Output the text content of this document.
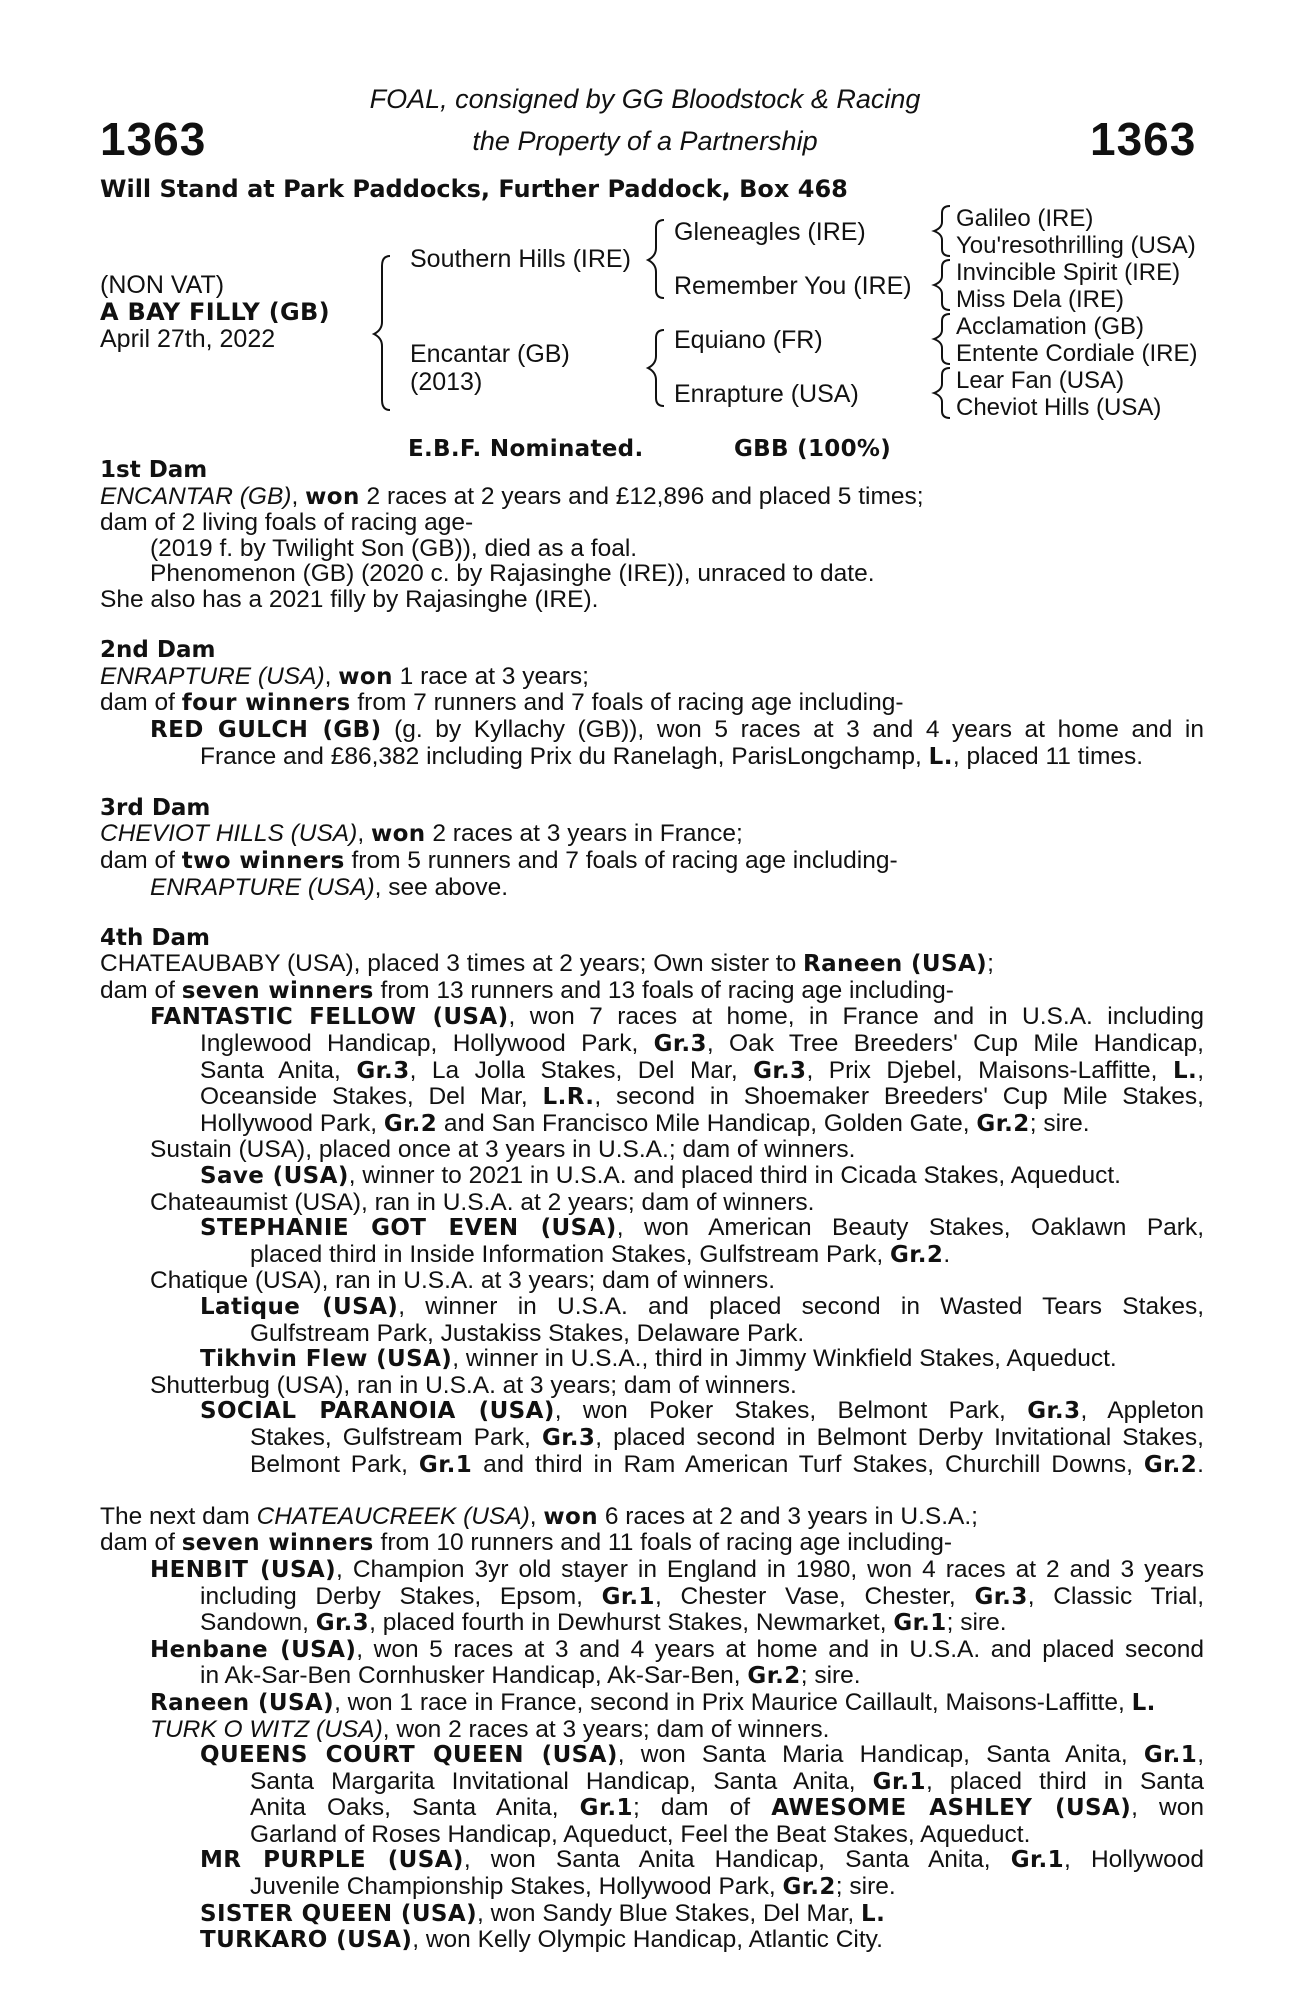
1363	1363
FOAL, consigned by GG Bloodstock & Racing
the Property of a Partnership
Will Stand at Park Paddocks, Further Paddock, Box 468
(NON VAT)
A BAY FILLY (GB)
April 27th, 2022
Southern Hills (IRE)
Encantar (GB)
(2013)
Gleneagles (IRE)
Remember You (IRE)
Equiano (FR)
Enrapture (USA)
Galileo (IRE)
You'resothrilling (USA)
Invincible Spirit (IRE)
Miss Dela (IRE)
Acclamation (GB)
Entente Cordiale (IRE)
Lear Fan (USA)
Cheviot Hills (USA)
E.B.F. Nominated.	GBB (100%)
1st Dam
ENCANTAR (GB), won 2 races at 2 years and £12,896 and placed 5 times;
dam of 2 living foals of racing age-
(2019 f. by Twilight Son (GB)), died as a foal.
Phenomenon (GB) (2020 c. by Rajasinghe (IRE)), unraced to date.
She also has a 2021 filly by Rajasinghe (IRE).
2nd Dam
ENRAPTURE (USA), won 1 race at 3 years;
dam of four winners from 7 runners and 7 foals of racing age including-
RED GULCH (GB) (g. by Kyllachy (GB)), won 5 races at 3 and 4 years at home and in
France and £86,382 including Prix du Ranelagh, ParisLongchamp, L., placed 11 times.
3rd Dam
CHEVIOT HILLS (USA), won 2 races at 3 years in France;
dam of two winners from 5 runners and 7 foals of racing age including-
ENRAPTURE (USA), see above.
4th Dam
CHATEAUBABY (USA), placed 3 times at 2 years; Own sister to Raneen (USA);
dam of seven winners from 13 runners and 13 foals of racing age including-
FANTASTIC FELLOW (USA), won 7 races at home, in France and in U.S.A. including
Inglewood Handicap, Hollywood Park, Gr.3, Oak Tree Breeders' Cup Mile Handicap,
Santa Anita, Gr.3, La Jolla Stakes, Del Mar, Gr.3, Prix Djebel, Maisons-Laffitte, L.,
Oceanside Stakes, Del Mar, L.R., second in Shoemaker Breeders' Cup Mile Stakes,
Hollywood Park, Gr.2 and San Francisco Mile Handicap, Golden Gate, Gr.2; sire.
Sustain (USA), placed once at 3 years in U.S.A.; dam of winners.
Save (USA), winner to 2021 in U.S.A. and placed third in Cicada Stakes, Aqueduct.
Chateaumist (USA), ran in U.S.A. at 2 years; dam of winners.
STEPHANIE GOT EVEN (USA), won American Beauty Stakes, Oaklawn Park,
placed third in Inside Information Stakes, Gulfstream Park, Gr.2.
Chatique (USA), ran in U.S.A. at 3 years; dam of winners.
Latique (USA), winner in U.S.A. and placed second in Wasted Tears Stakes,
Gulfstream Park, Justakiss Stakes, Delaware Park.
Tikhvin Flew (USA), winner in U.S.A., third in Jimmy Winkfield Stakes, Aqueduct.
Shutterbug (USA), ran in U.S.A. at 3 years; dam of winners.
SOCIAL PARANOIA (USA), won Poker Stakes, Belmont Park, Gr.3, Appleton
Stakes, Gulfstream Park, Gr.3, placed second in Belmont Derby Invitational Stakes,
Belmont Park, Gr.1 and third in Ram American Turf Stakes, Churchill Downs, Gr.2.
The next dam CHATEAUCREEK (USA), won 6 races at 2 and 3 years in U.S.A.;
dam of seven winners from 10 runners and 11 foals of racing age including-
HENBIT (USA), Champion 3yr old stayer in England in 1980, won 4 races at 2 and 3 years
including Derby Stakes, Epsom, Gr.1, Chester Vase, Chester, Gr.3, Classic Trial,
Sandown, Gr.3, placed fourth in Dewhurst Stakes, Newmarket, Gr.1; sire.
Henbane (USA), won 5 races at 3 and 4 years at home and in U.S.A. and placed second
in Ak-Sar-Ben Cornhusker Handicap, Ak-Sar-Ben, Gr.2; sire.
Raneen (USA), won 1 race in France, second in Prix Maurice Caillault, Maisons-Laffitte, L.
TURK O WITZ (USA), won 2 races at 3 years; dam of winners.
QUEENS COURT QUEEN (USA), won Santa Maria Handicap, Santa Anita, Gr.1,
Santa Margarita Invitational Handicap, Santa Anita, Gr.1, placed third in Santa
Anita Oaks, Santa Anita, Gr.1; dam of AWESOME ASHLEY (USA), won
Garland of Roses Handicap, Aqueduct, Feel the Beat Stakes, Aqueduct.
MR PURPLE (USA), won Santa Anita Handicap, Santa Anita, Gr.1, Hollywood
Juvenile Championship Stakes, Hollywood Park, Gr.2; sire.
SISTER QUEEN (USA), won Sandy Blue Stakes, Del Mar, L.
TURKARO (USA), won Kelly Olympic Handicap, Atlantic City.
